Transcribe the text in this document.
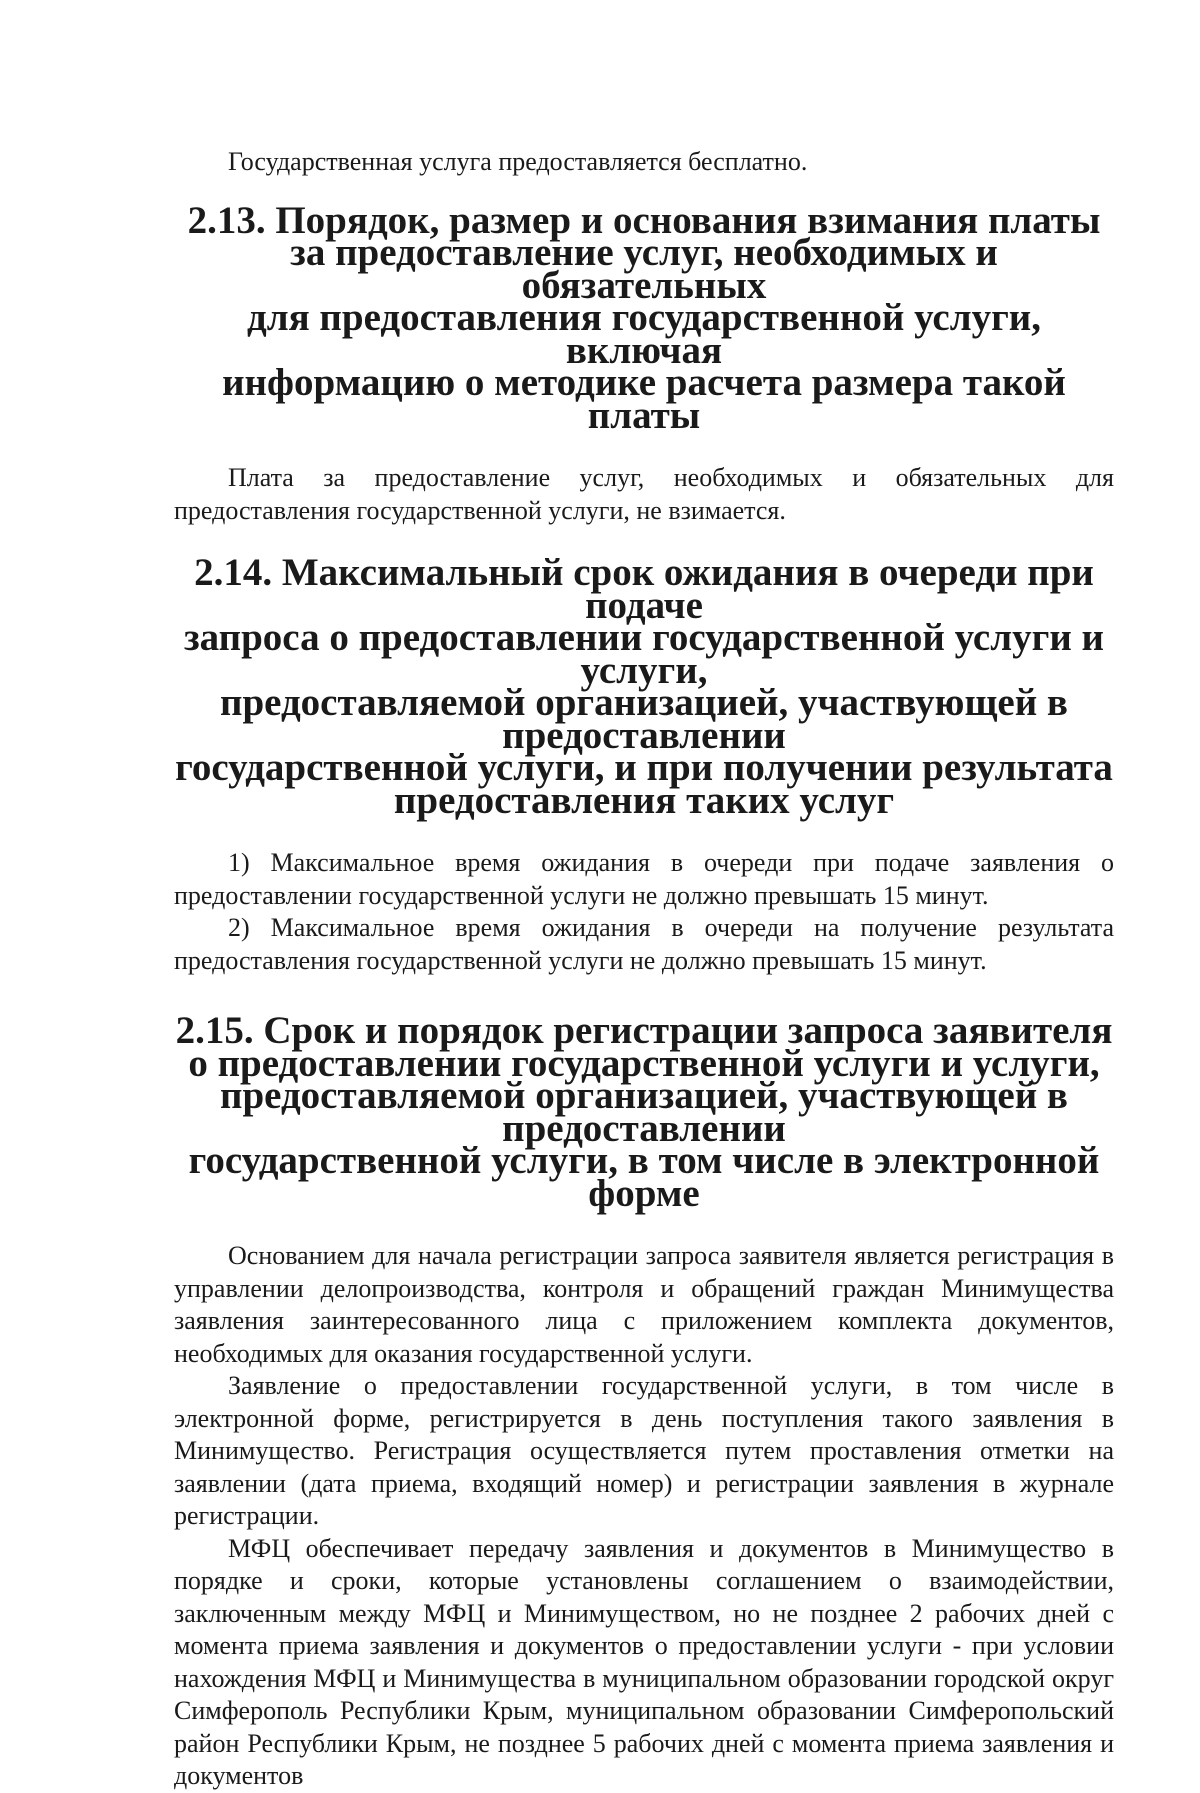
Государственная услуга предоставляется бесплатно.

2.13. Порядок, размер и основания взимания платы
за предоставление услуг, необходимых и обязательных
для предоставления государственной услуги, включая
информацию о методике расчета размера такой платы

Плата за предоставление услуг, необходимых и обязательных для предоставления государственной услуги, не взимается.

2.14. Максимальный срок ожидания в очереди при подаче
запроса о предоставлении государственной услуги и услуги,
предоставляемой организацией, участвующей в предоставлении
государственной услуги, и при получении результата
предоставления таких услуг

1) Максимальное время ожидания в очереди при подаче заявления о предоставлении государственной услуги не должно превышать 15 минут.

2) Максимальное время ожидания в очереди на получение результата предоставления государственной услуги не должно превышать 15 минут.

2.15. Срок и порядок регистрации запроса заявителя
о предоставлении государственной услуги и услуги,
предоставляемой организацией, участвующей в предоставлении
государственной услуги, в том числе в электронной форме

Основанием для начала регистрации запроса заявителя является регистрация в управлении делопроизводства, контроля и обращений граждан Минимущества заявления заинтересованного лица с приложением комплекта документов, необходимых для оказания государственной услуги.

Заявление о предоставлении государственной услуги, в том числе в электронной форме, регистрируется в день поступления такого заявления в Минимущество. Регистрация осуществляется путем проставления отметки на заявлении (дата приема, входящий номер) и регистрации заявления в журнале регистрации.

МФЦ обеспечивает передачу заявления и документов в Минимущество в порядке и сроки, которые установлены соглашением о взаимодействии, заключенным между МФЦ и Минимуществом, но не позднее 2 рабочих дней с момента приема заявления и документов о предоставлении услуги - при условии нахождения МФЦ и Минимущества в муниципальном образовании городской округ Симферополь Республики Крым, муниципальном образовании Симферопольский район Республики Крым, не позднее 5 рабочих дней с момента приема заявления и документов
